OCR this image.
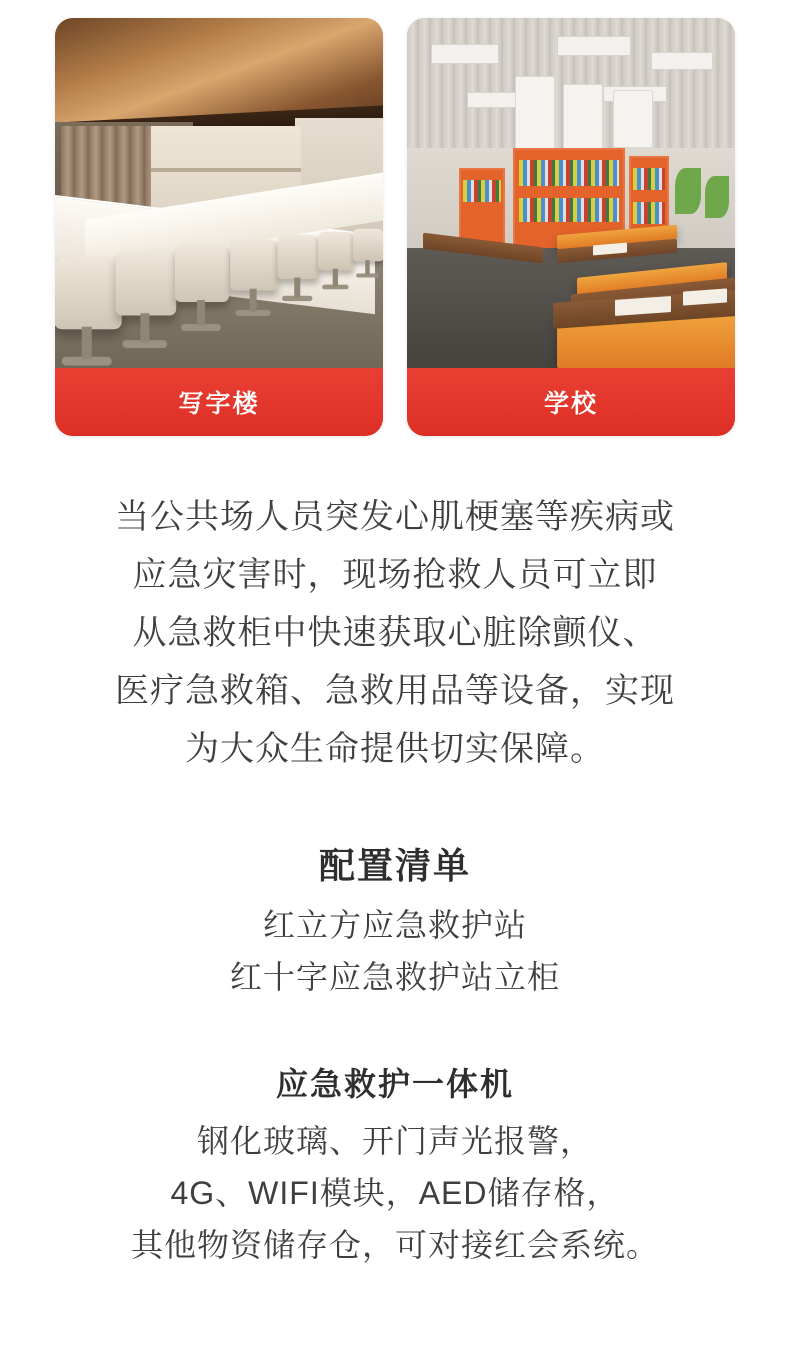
写字楼	学校
当公共场人员突发心肌梗塞等疾病或
应急灾害时，现场抢救人员可立即
从急救柜中快速获取心脏除颤仪、
医疗急救箱、急救用品等设备，实现
为大众生命提供切实保障。
配置清单
红立方应急救护站
红十字应急救护站立柜
应急救护一体机
钢化玻璃、开门声光报警，
4G、WIFI模块，AED储存格，
其他物资储存仓，可对接红会系统。
